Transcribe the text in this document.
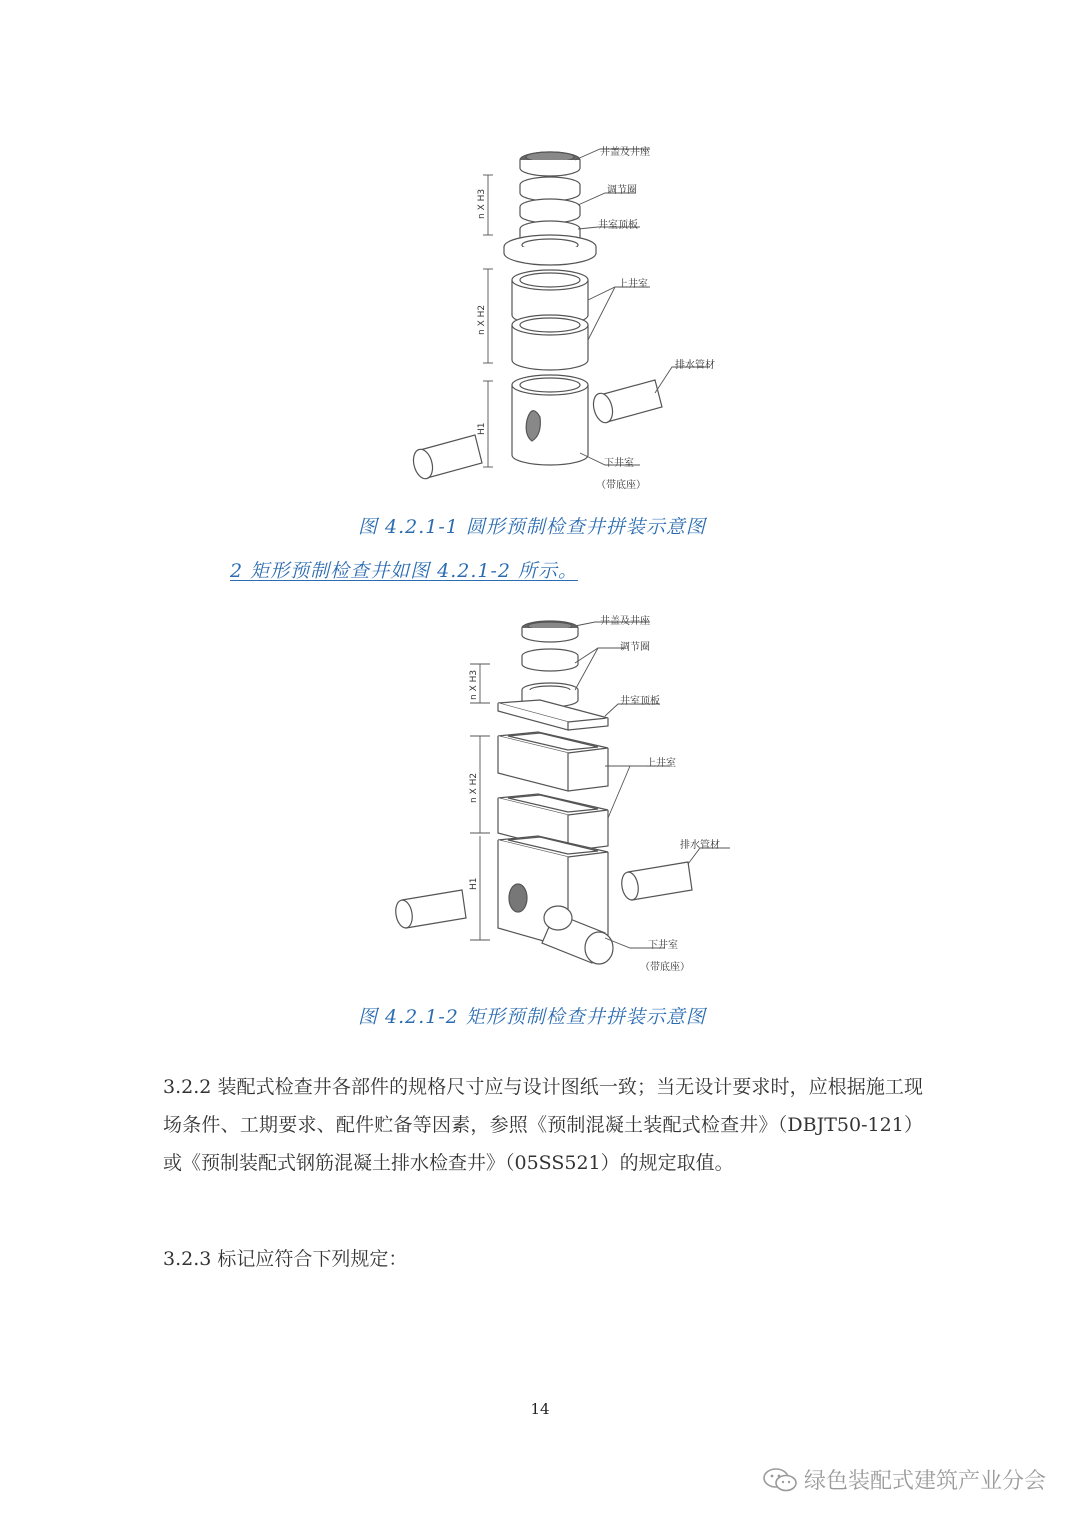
井盖及井座
调节圈
井室顶板
上井室
排水管材
下井室
（带底座）
n X H3
n X H2
H1
图 4.2.1-1 圆形预制检查井拼装示意图
2 矩形预制检查井如图 4.2.1-2 所示。
井盖及井座
调节圈
井室顶板
上井室
排水管材
下井室
（带底座）
n X H3
n X H2
H1
图 4.2.1-2 矩形预制检查井拼装示意图
3.2.2 装配式检查井各部件的规格尺寸应与设计图纸一致；当无设计要求时，应根据施工现场条件、工期要求、配件贮备等因素，参照《预制混凝土装配式检查井》（DBJT50-121）或《预制装配式钢筋混凝土排水检查井》（05SS521）的规定取值。
3.2.3 标记应符合下列规定：
14
绿色装配式建筑产业分会
